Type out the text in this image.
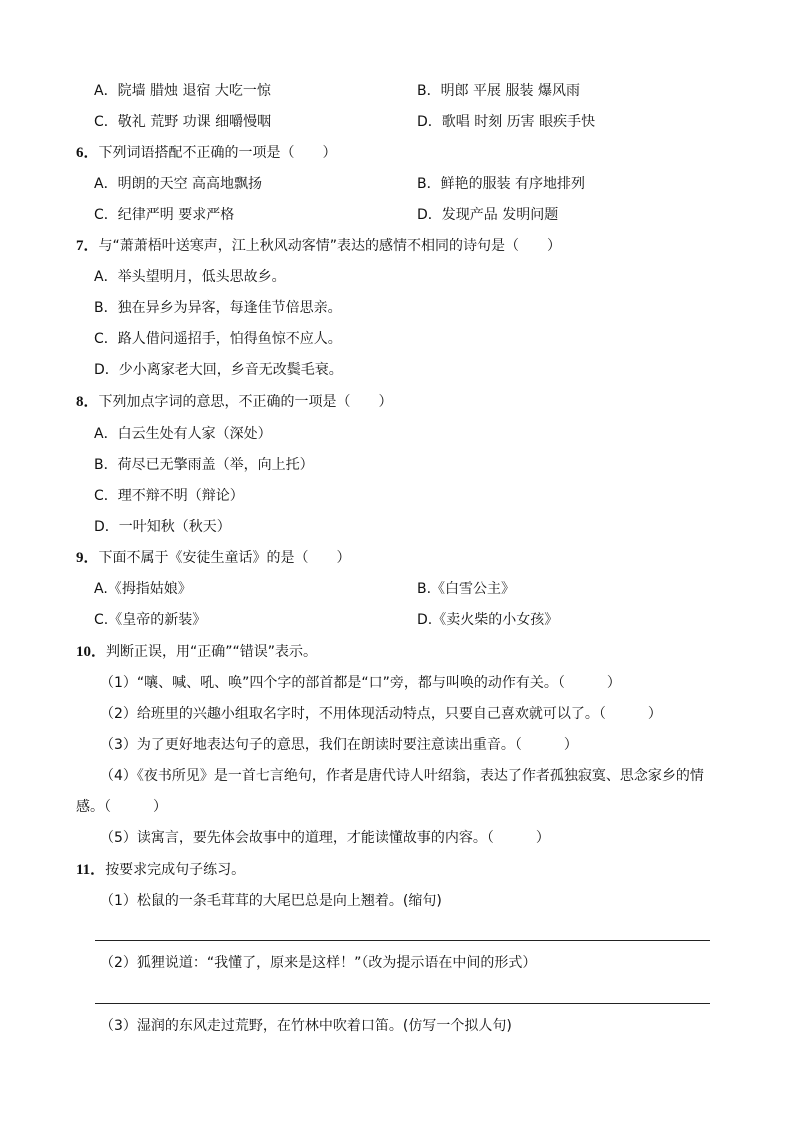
A．院墙 腊烛 退宿 大吃一惊	B．明郎 平展 服装 爆风雨
C．敬礼 荒野 功课 细嚼慢咽	D．歌唱 时刻 历害 眼疾手快
6．下列词语搭配不正确的一项是（　　）
A．明朗的天空 高高地飘扬	B．鲜艳的服装 有序地排列
C．纪律严明 要求严格	D．发现产品 发明问题
7．与“萧萧梧叶送寒声，江上秋风动客情”表达的感情不相同的诗句是（　　）
A．举头望明月，低头思故乡。
B．独在异乡为异客，每逢佳节倍思亲。
C．路人借问遥招手，怕得鱼惊不应人。
D．少小离家老大回，乡音无改鬓毛衰。
8．下列加点字词的意思，不正确的一项是（　　）
A．白云生处有人家（深处）
B．荷尽已无擎雨盖（举，向上托）
C．理不辩不明（辩论）
D．一叶知秋（秋天）
9．下面不属于《安徒生童话》的是（　　）
A.《拇指姑娘》	B.《白雪公主》
C.《皇帝的新装》	D.《卖火柴的小女孩》
10．判断正误，用“正确”“错误”表示。
（1）“嚷、喊、吼、唤”四个字的部首都是“口”旁，都与叫唤的动作有关。（　　　）
（2）给班里的兴趣小组取名字时，不用体现活动特点，只要自己喜欢就可以了。（　　　）
（3）为了更好地表达句子的意思，我们在朗读时要注意读出重音。（　　　）
（4）《夜书所见》是一首七言绝句，作者是唐代诗人叶绍翁，表达了作者孤独寂寞、思念家乡的情
感。（　　　）
（5）读寓言，要先体会故事中的道理，才能读懂故事的内容。（　　　）
11．按要求完成句子练习。
（1）松鼠的一条毛茸茸的大尾巴总是向上翘着。(缩句)
（2）狐狸说道：“我懂了，原来是这样！”（改为提示语在中间的形式）
（3）湿润的东风走过荒野，在竹林中吹着口笛。(仿写一个拟人句)
